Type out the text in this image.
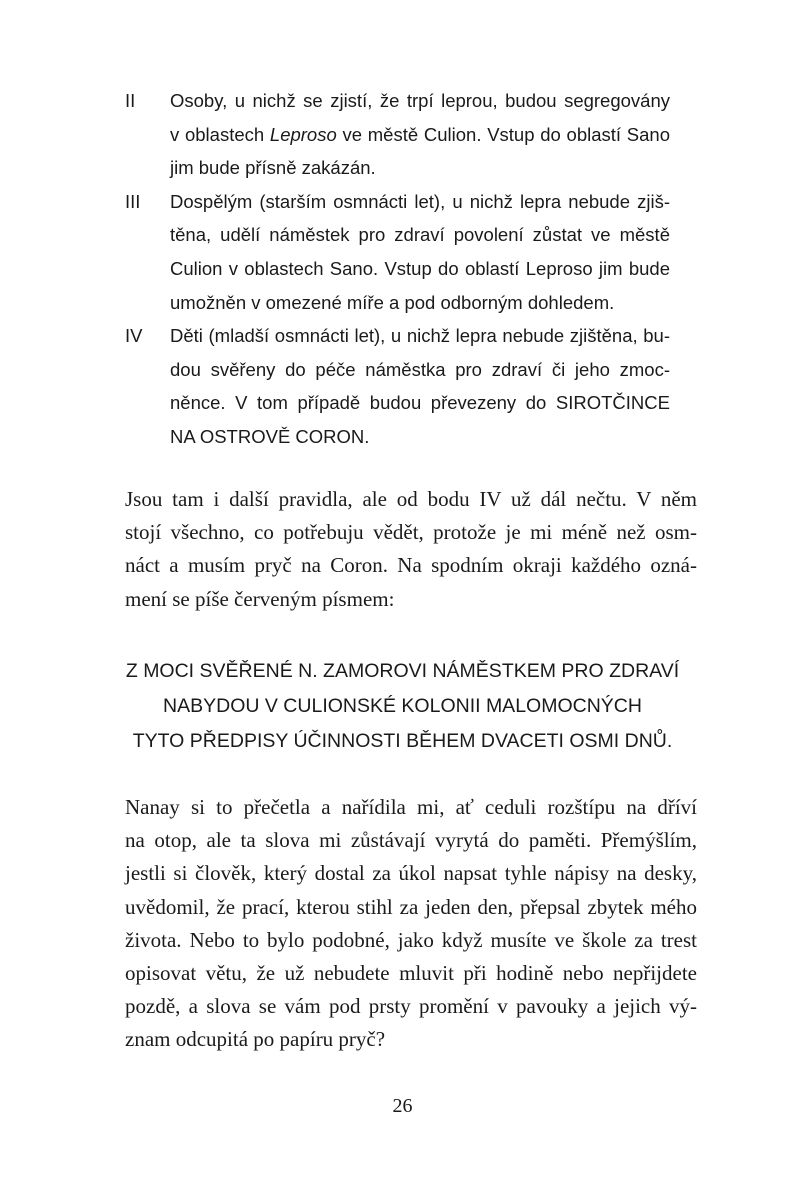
II	Osoby, u nichž se zjistí, že trpí leprou, budou segregovány
v oblastech Leproso ve městě Culion. Vstup do oblastí Sano
jim bude přísně zakázán.
III	Dospělým (starším osmnácti let), u nichž lepra nebude zjiš-
těna, udělí náměstek pro zdraví povolení zůstat ve městě
Culion v oblastech Sano. Vstup do oblastí Leproso jim bude
umožněn v omezené míře a pod odborným dohledem.
IV	Děti (mladší osmnácti let), u nichž lepra nebude zjištěna, bu-
dou svěřeny do péče náměstka pro zdraví či jeho zmoc-
něnce. V tom případě budou převezeny do SIROTČINCE
NA OSTROVĚ CORON.
Jsou tam i další pravidla, ale od bodu IV už dál nečtu. V něm
stojí všechno, co potřebuju vědět, protože je mi méně než osm-
náct a musím pryč na Coron. Na spodním okraji každého ozná-
mení se píše červeným písmem:
Z MOCI SVĚŘENÉ N. ZAMOROVI NÁMĚSTKEM PRO ZDRAVÍ
NABYDOU V CULIONSKÉ KOLONII MALOMOCNÝCH
TYTO PŘEDPISY ÚČINNOSTI BĚHEM DVACETI OSMI DNŮ.
Nanay si to přečetla a nařídila mi, ať ceduli rozštípu na dříví
na otop, ale ta slova mi zůstávají vyrytá do paměti. Přemýšlím,
jestli si člověk, který dostal za úkol napsat tyhle nápisy na desky,
uvědomil, že prací, kterou stihl za jeden den, přepsal zbytek mého
života. Nebo to bylo podobné, jako když musíte ve škole za trest
opisovat větu, že už nebudete mluvit při hodině nebo nepřijdete
pozdě, a slova se vám pod prsty promění v pavouky a jejich vý-
znam odcupitá po papíru pryč?
26
